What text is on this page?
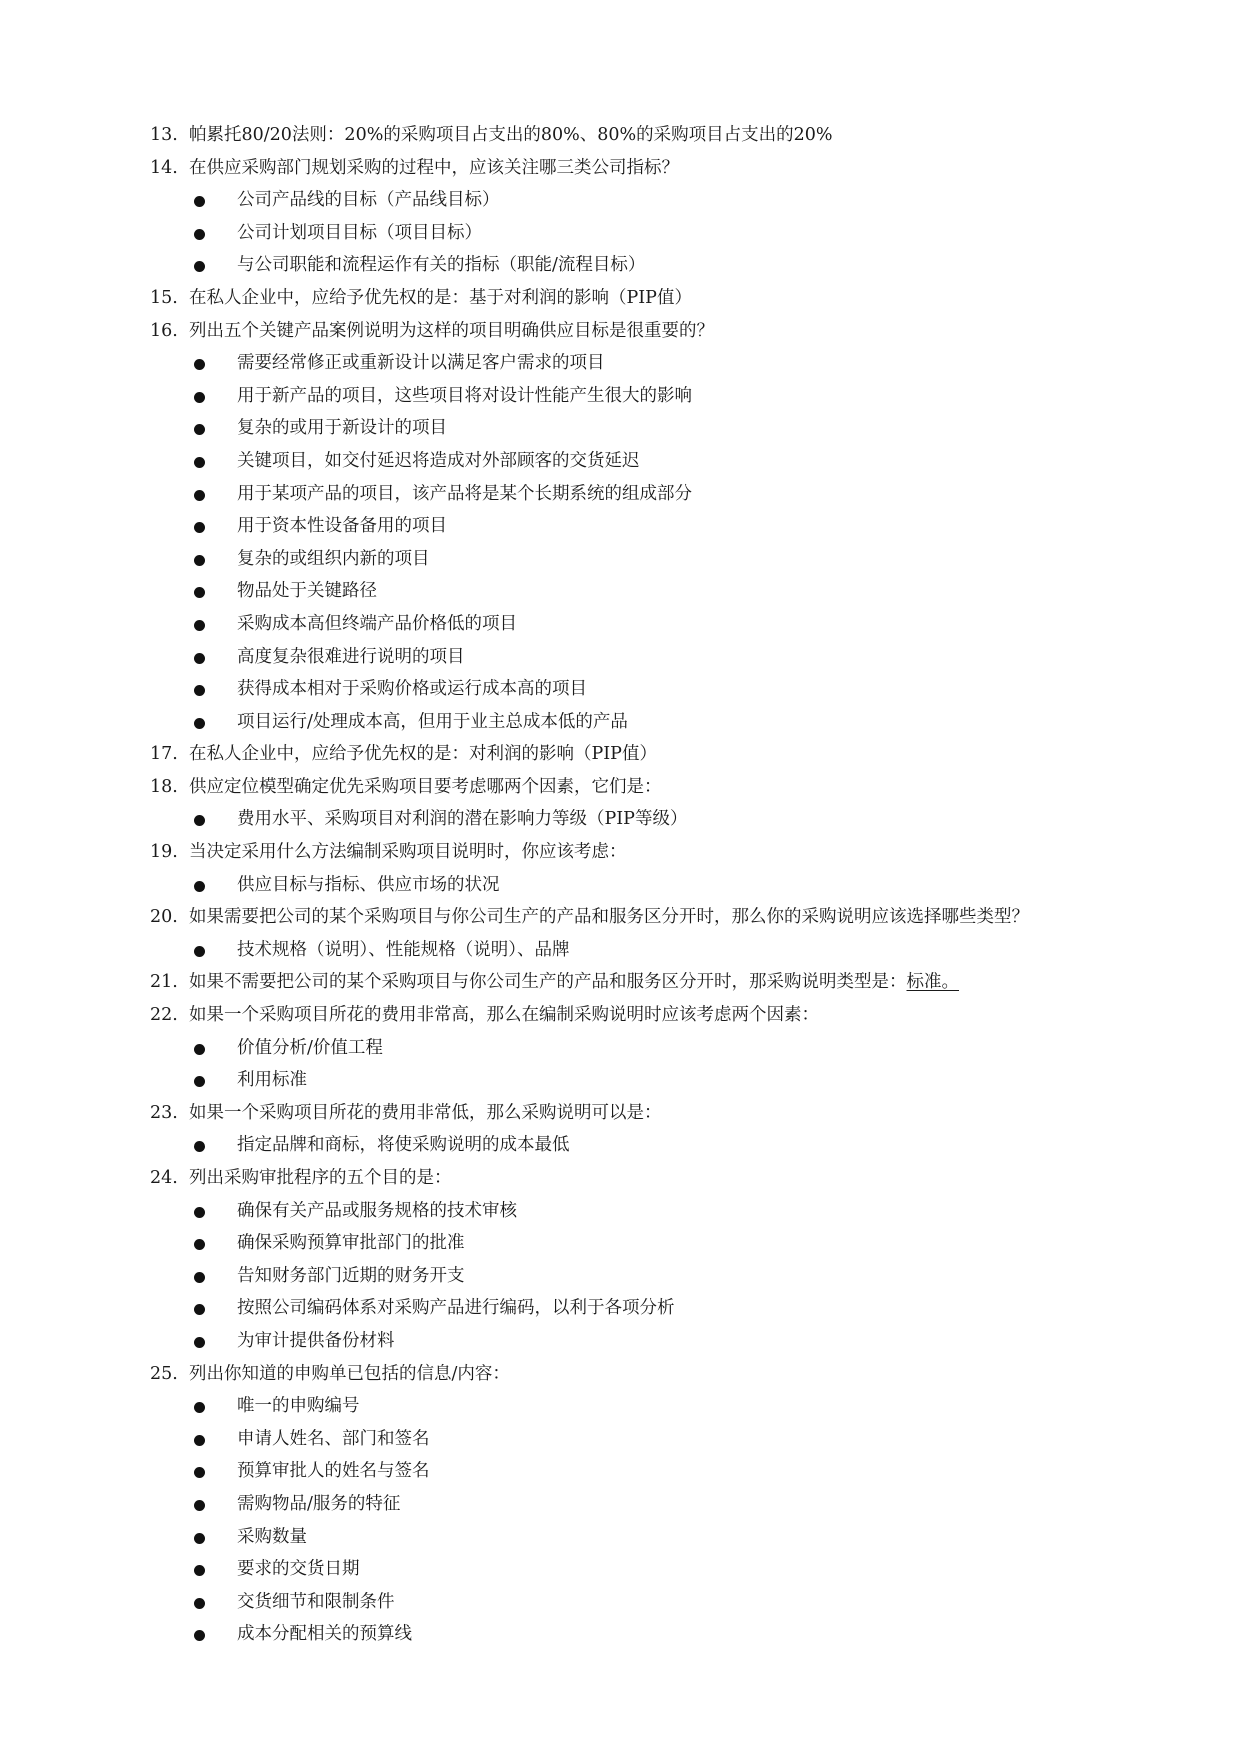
13. 帕累托80/20法则：20%的采购项目占支出的80%、80%的采购项目占支出的20%
14. 在供应采购部门规划采购的过程中，应该关注哪三类公司指标？
公司产品线的目标（产品线目标）
公司计划项目目标（项目目标）
与公司职能和流程运作有关的指标（职能/流程目标）
15. 在私人企业中，应给予优先权的是：基于对利润的影响（PIP值）
16. 列出五个关键产品案例说明为这样的项目明确供应目标是很重要的？
需要经常修正或重新设计以满足客户需求的项目
用于新产品的项目，这些项目将对设计性能产生很大的影响
复杂的或用于新设计的项目
关键项目，如交付延迟将造成对外部顾客的交货延迟
用于某项产品的项目，该产品将是某个长期系统的组成部分
用于资本性设备备用的项目
复杂的或组织内新的项目
物品处于关键路径
采购成本高但终端产品价格低的项目
高度复杂很难进行说明的项目
获得成本相对于采购价格或运行成本高的项目
项目运行/处理成本高，但用于业主总成本低的产品
17. 在私人企业中，应给予优先权的是：对利润的影响（PIP值）
18. 供应定位模型确定优先采购项目要考虑哪两个因素，它们是：
费用水平、采购项目对利润的潜在影响力等级（PIP等级）
19. 当决定采用什么方法编制采购项目说明时，你应该考虑：
供应目标与指标、供应市场的状况
20. 如果需要把公司的某个采购项目与你公司生产的产品和服务区分开时，那么你的采购说明应该选择哪些类型？
技术规格（说明）、性能规格（说明）、品牌
21. 如果不需要把公司的某个采购项目与你公司生产的产品和服务区分开时，那采购说明类型是：标准。
22. 如果一个采购项目所花的费用非常高，那么在编制采购说明时应该考虑两个因素：
价值分析/价值工程
利用标准
23. 如果一个采购项目所花的费用非常低，那么采购说明可以是：
指定品牌和商标，将使采购说明的成本最低
24. 列出采购审批程序的五个目的是：
确保有关产品或服务规格的技术审核
确保采购预算审批部门的批准
告知财务部门近期的财务开支
按照公司编码体系对采购产品进行编码，以利于各项分析
为审计提供备份材料
25. 列出你知道的申购单已包括的信息/内容：
唯一的申购编号
申请人姓名、部门和签名
预算审批人的姓名与签名
需购物品/服务的特征
采购数量
要求的交货日期
交货细节和限制条件
成本分配相关的预算线
